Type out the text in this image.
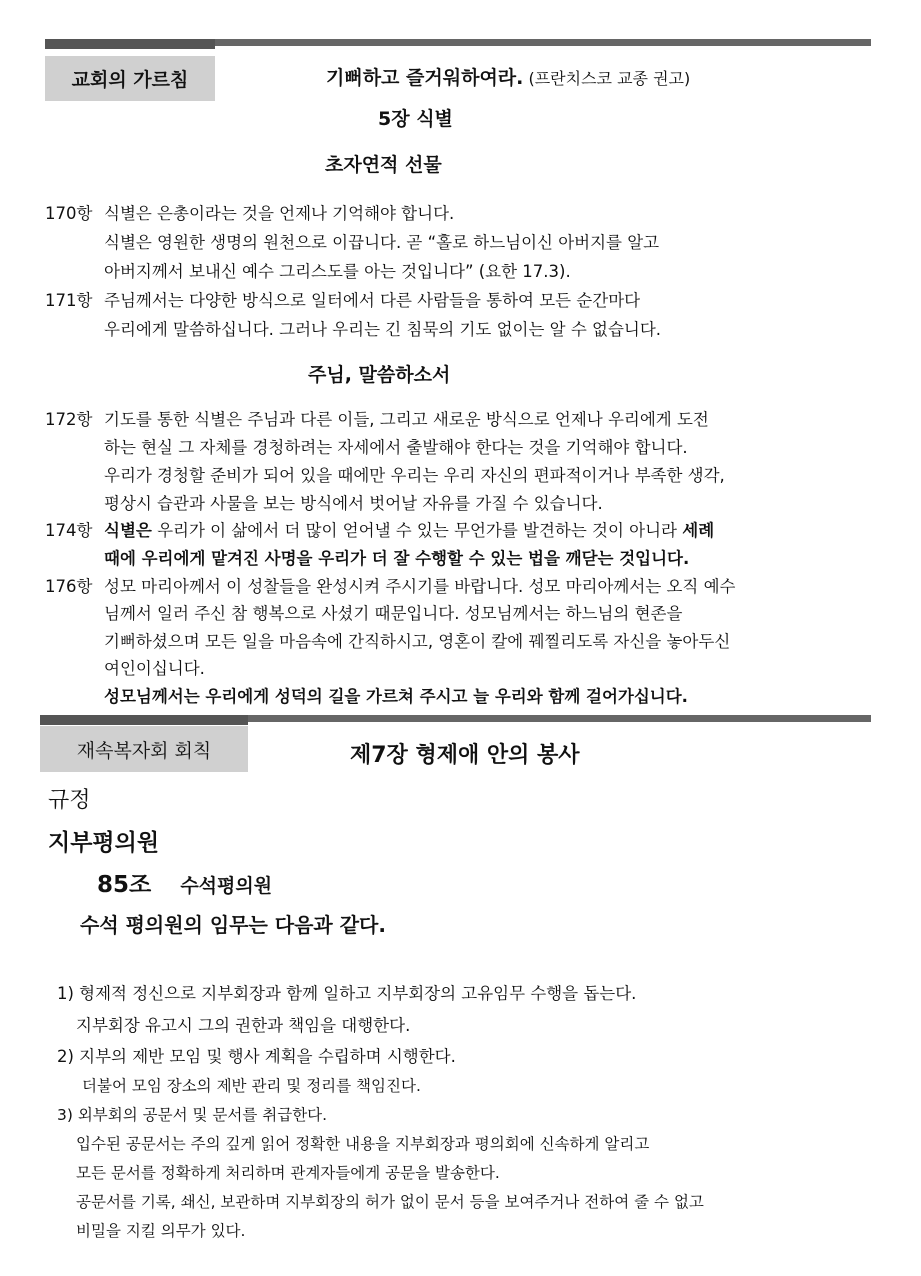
교회의 가르침	기뻐하고 즐거워하여라. (프란치스코 교종 권고)
5장 식별
초자연적 선물
170항 식별은 은총이라는 것을 언제나 기억해야 합니다.
식별은 영원한 생명의 원천으로 이끕니다. 곧 “홀로 하느님이신 아버지를 알고
아버지께서 보내신 예수 그리스도를 아는 것입니다” (요한 17.3).
171항 주님께서는 다양한 방식으로 일터에서 다른 사람들을 통하여 모든 순간마다
우리에게 말씀하십니다. 그러나 우리는 긴 침묵의 기도 없이는 알 수 없습니다.
주님, 말씀하소서
172항 기도를 통한 식별은 주님과 다른 이들, 그리고 새로운 방식으로 언제나 우리에게 도전
하는 현실 그 자체를 경청하려는 자세에서 출발해야 한다는 것을 기억해야 합니다.
우리가 경청할 준비가 되어 있을 때에만 우리는 우리 자신의 편파적이거나 부족한 생각,
평상시 습관과 사물을 보는 방식에서 벗어날 자유를 가질 수 있습니다.
174항 식별은 우리가 이 삶에서 더 많이 얻어낼 수 있는 무언가를 발견하는 것이 아니라 세례
때에 우리에게 맡겨진 사명을 우리가 더 잘 수행할 수 있는 법을 깨닫는 것입니다.
176항 성모 마리아께서 이 성찰들을 완성시켜 주시기를 바랍니다. 성모 마리아께서는 오직 예수
님께서 일러 주신 참 행복으로 사셨기 때문입니다. 성모님께서는 하느님의 현존을
기뻐하셨으며 모든 일을 마음속에 간직하시고, 영혼이 칼에 꿰찔리도록 자신을 놓아두신
여인이십니다.
성모님께서는 우리에게 성덕의 길을 가르쳐 주시고 늘 우리와 함께 걸어가십니다.
재속복자회 회칙	제7장 형제애 안의 봉사
규정
지부평의원
85조 수석평의원
수석 평의원의 임무는 다음과 같다.
1) 형제적 정신으로 지부회장과 함께 일하고 지부회장의 고유임무 수행을 돕는다.
지부회장 유고시 그의 권한과 책임을 대행한다.
2) 지부의 제반 모임 및 행사 계획을 수립하며 시행한다.
더불어 모임 장소의 제반 관리 및 정리를 책임진다.
3) 외부회의 공문서 및 문서를 취급한다.
입수된 공문서는 주의 깊게 읽어 정확한 내용을 지부회장과 평의회에 신속하게 알리고
모든 문서를 정확하게 처리하며 관계자들에게 공문을 발송한다.
공문서를 기록, 쇄신, 보관하며 지부회장의 허가 없이 문서 등을 보여주거나 전하여 줄 수 없고
비밀을 지킬 의무가 있다.
